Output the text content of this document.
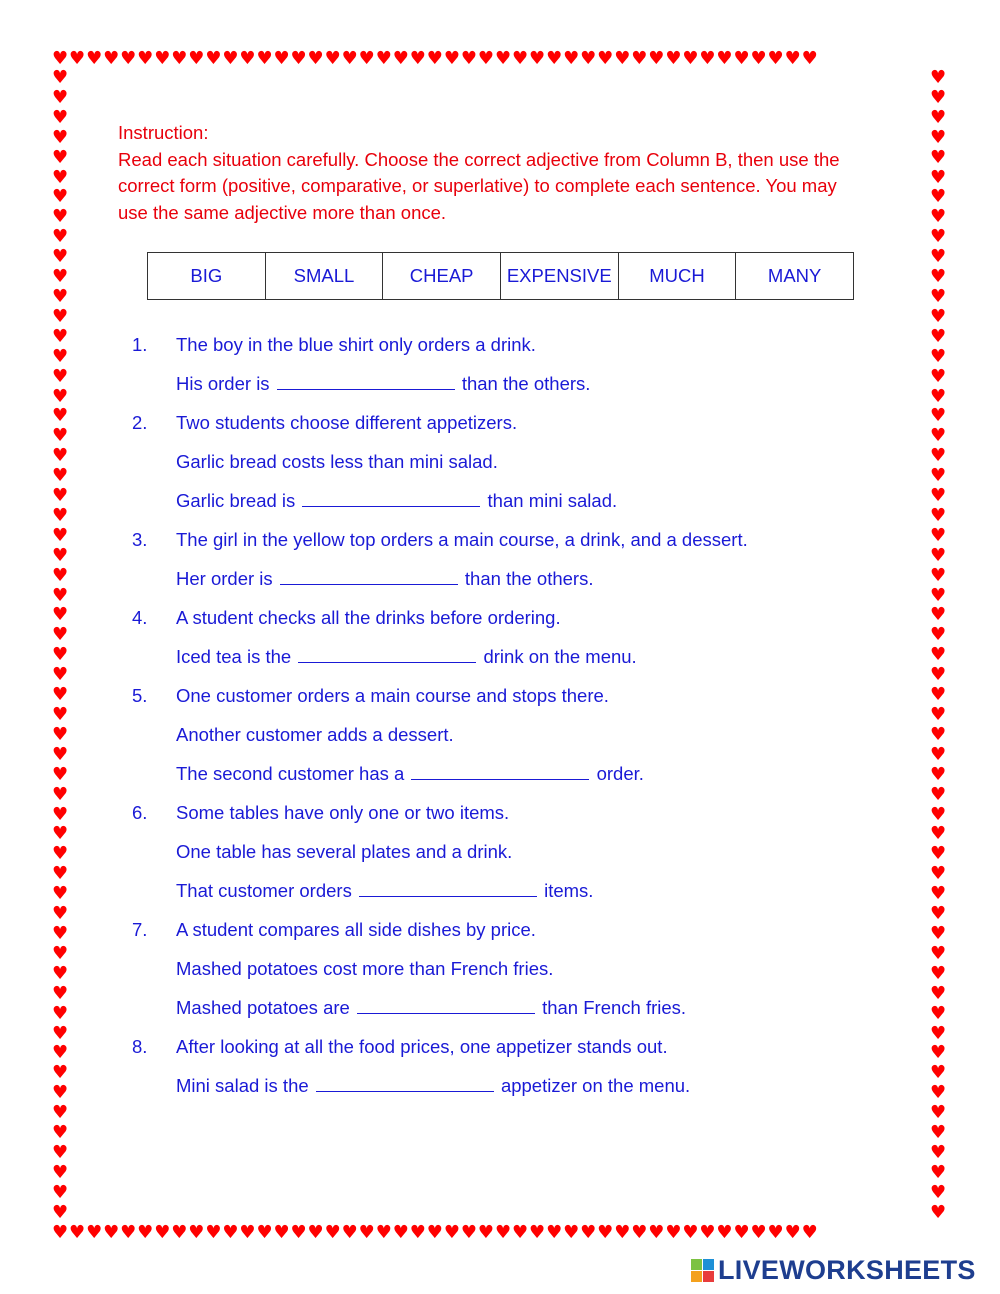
♥♥♥♥♥♥♥♥♥♥♥♥♥♥♥♥♥♥♥♥♥♥♥♥♥♥♥♥♥♥♥♥♥♥♥♥♥♥♥♥♥♥♥♥♥
♥♥♥♥♥♥♥♥♥♥♥♥♥♥♥♥♥♥♥♥♥♥♥♥♥♥♥♥♥♥♥♥♥♥♥♥♥♥♥♥♥♥♥♥♥
♥♥♥♥♥♥♥♥♥♥♥♥♥♥♥♥♥♥♥♥♥♥♥♥♥♥♥♥♥♥♥♥♥♥♥♥♥♥♥♥♥♥♥♥♥♥♥♥♥♥♥♥♥♥♥♥♥♥
♥♥♥♥♥♥♥♥♥♥♥♥♥♥♥♥♥♥♥♥♥♥♥♥♥♥♥♥♥♥♥♥♥♥♥♥♥♥♥♥♥♥♥♥♥♥♥♥♥♥♥♥♥♥♥♥♥♥

Instruction:

Read each situation carefully. Choose the correct adjective from Column B, then use the

correct form (positive, comparative, or superlative) to complete each sentence. You may

use the same adjective more than once.

BIG	SMALL	CHEAP	EXPENSIVE	MUCH	MANY
1. The boy in the blue shirt only orders a drink.
His order is	than the others.
2. Two students choose different appetizers.
Garlic bread costs less than mini salad.
Garlic bread is	than mini salad.
3. The girl in the yellow top orders a main course, a drink, and a dessert.
Her order is	than the others.
4. A student checks all the drinks before ordering.
Iced tea is the	drink on the menu.
5. One customer orders a main course and stops there.
Another customer adds a dessert.
The second customer has a	order.
6. Some tables have only one or two items.
One table has several plates and a drink.
That customer orders	items.
7. A student compares all side dishes by price.
Mashed potatoes cost more than French fries.
Mashed potatoes are	than French fries.
8. After looking at all the food prices, one appetizer stands out.
Mini salad is the	appetizer on the menu.
LIVEWORKSHEETS
